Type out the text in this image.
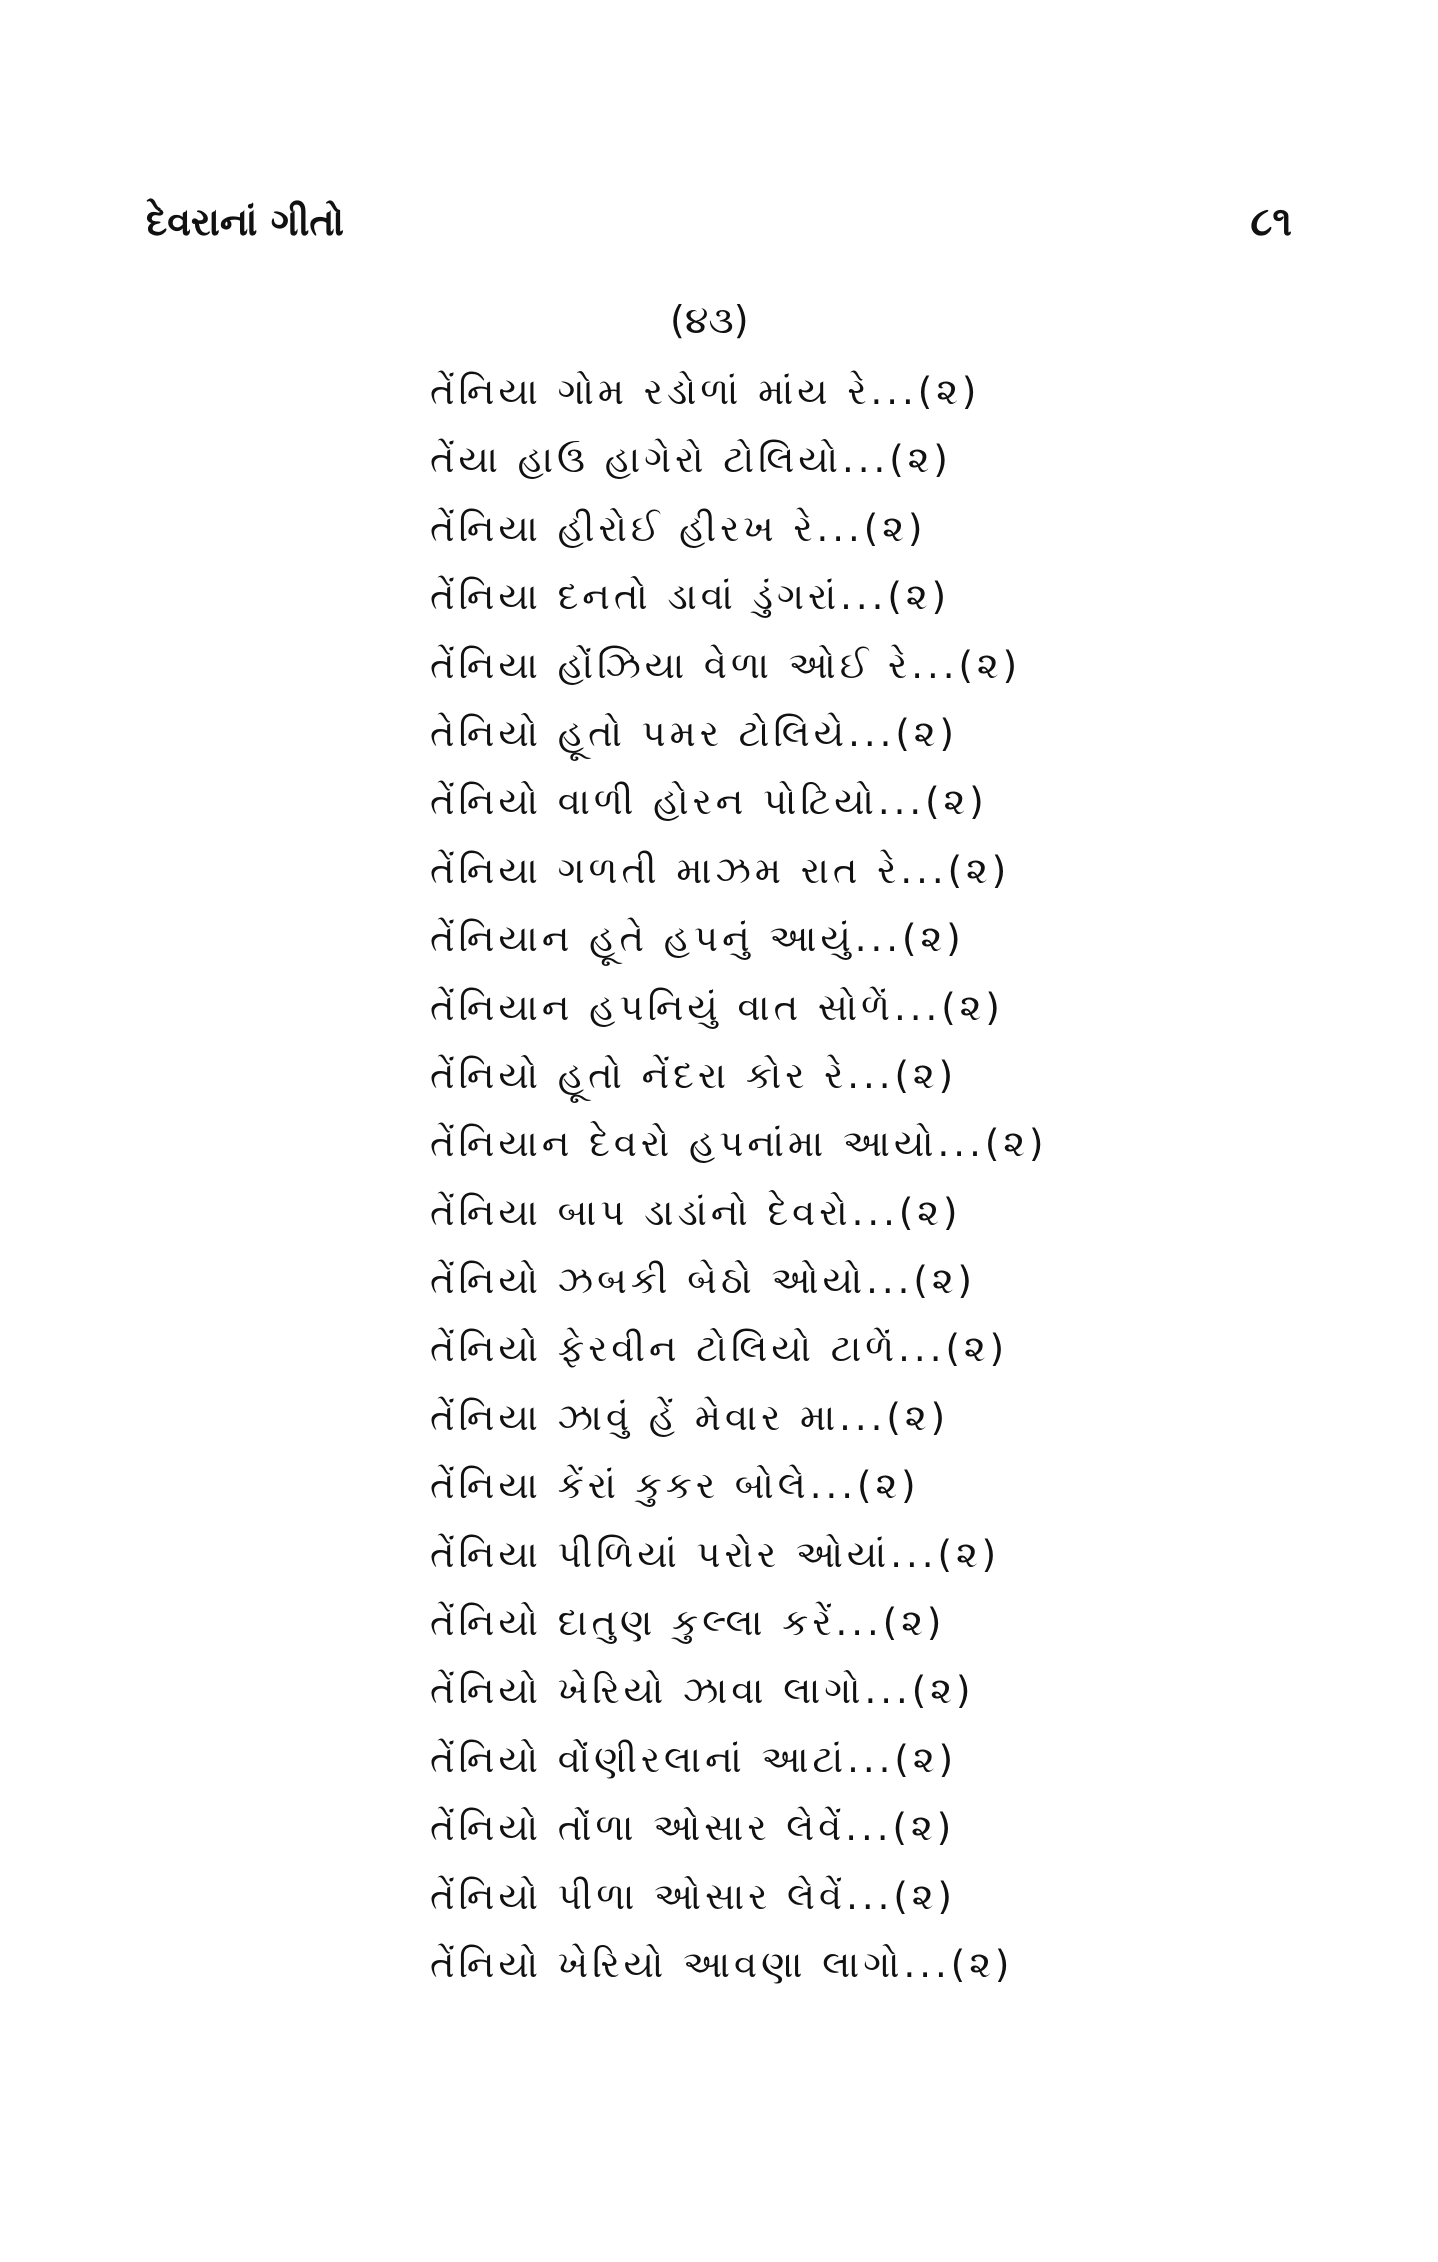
દેવરાનાં ગીતો	૮૧
(૪૩)
તેંનિયા ગોમ રડોળાં માંય રે...(૨)
તેંયા હાઉ હાગેરો ટોલિયો...(૨)
તેંનિયા હીરોઈ હીરખ રે...(૨)
તેંનિયા દનતો ડાવાં ડુંગરાં...(૨)
તેંનિયા હોંઝિયા વેળા ઓઈ રે...(૨)
તેનિયો હૂતો પમર ટોલિયે...(૨)
તેંનિયો વાળી હોરન પોટિયો...(૨)
તેંનિયા ગળતી માઝમ રાત રે...(૨)
તેંનિયાન હૂતે હપનું આયું...(૨)
તેંનિયાન હપનિયું વાત સોળેં...(૨)
તેંનિયો હૂતો નેંદરા કોર રે...(૨)
તેંનિયાન દેવરો હપનાંમા આયો...(૨)
તેંનિયા બાપ ડાડાંનો દેવરો...(૨)
તેંનિયો ઝબકી બેઠો ઓયો...(૨)
તેંનિયો ફેરવીન ટોલિયો ટાળેં...(૨)
તેંનિયા ઝાવું હેં મેવાર મા...(૨)
તેંનિયા કેંરાં કુકર બોલે...(૨)
તેંનિયા પીળિયાં પરોર ઓયાં...(૨)
તેંનિયો દાતુણ કુલ્લા કરેં...(૨)
તેંનિયો ખેરિયો ઝાવા લાગો...(૨)
તેંનિયો વોંણીરલાનાં આટાં...(૨)
તેંનિયો તોંળા ઓસાર લેવેં...(૨)
તેંનિયો પીળા ઓસાર લેવેં...(૨)
તેંનિયો ખેરિયો આવણા લાગો...(૨)
